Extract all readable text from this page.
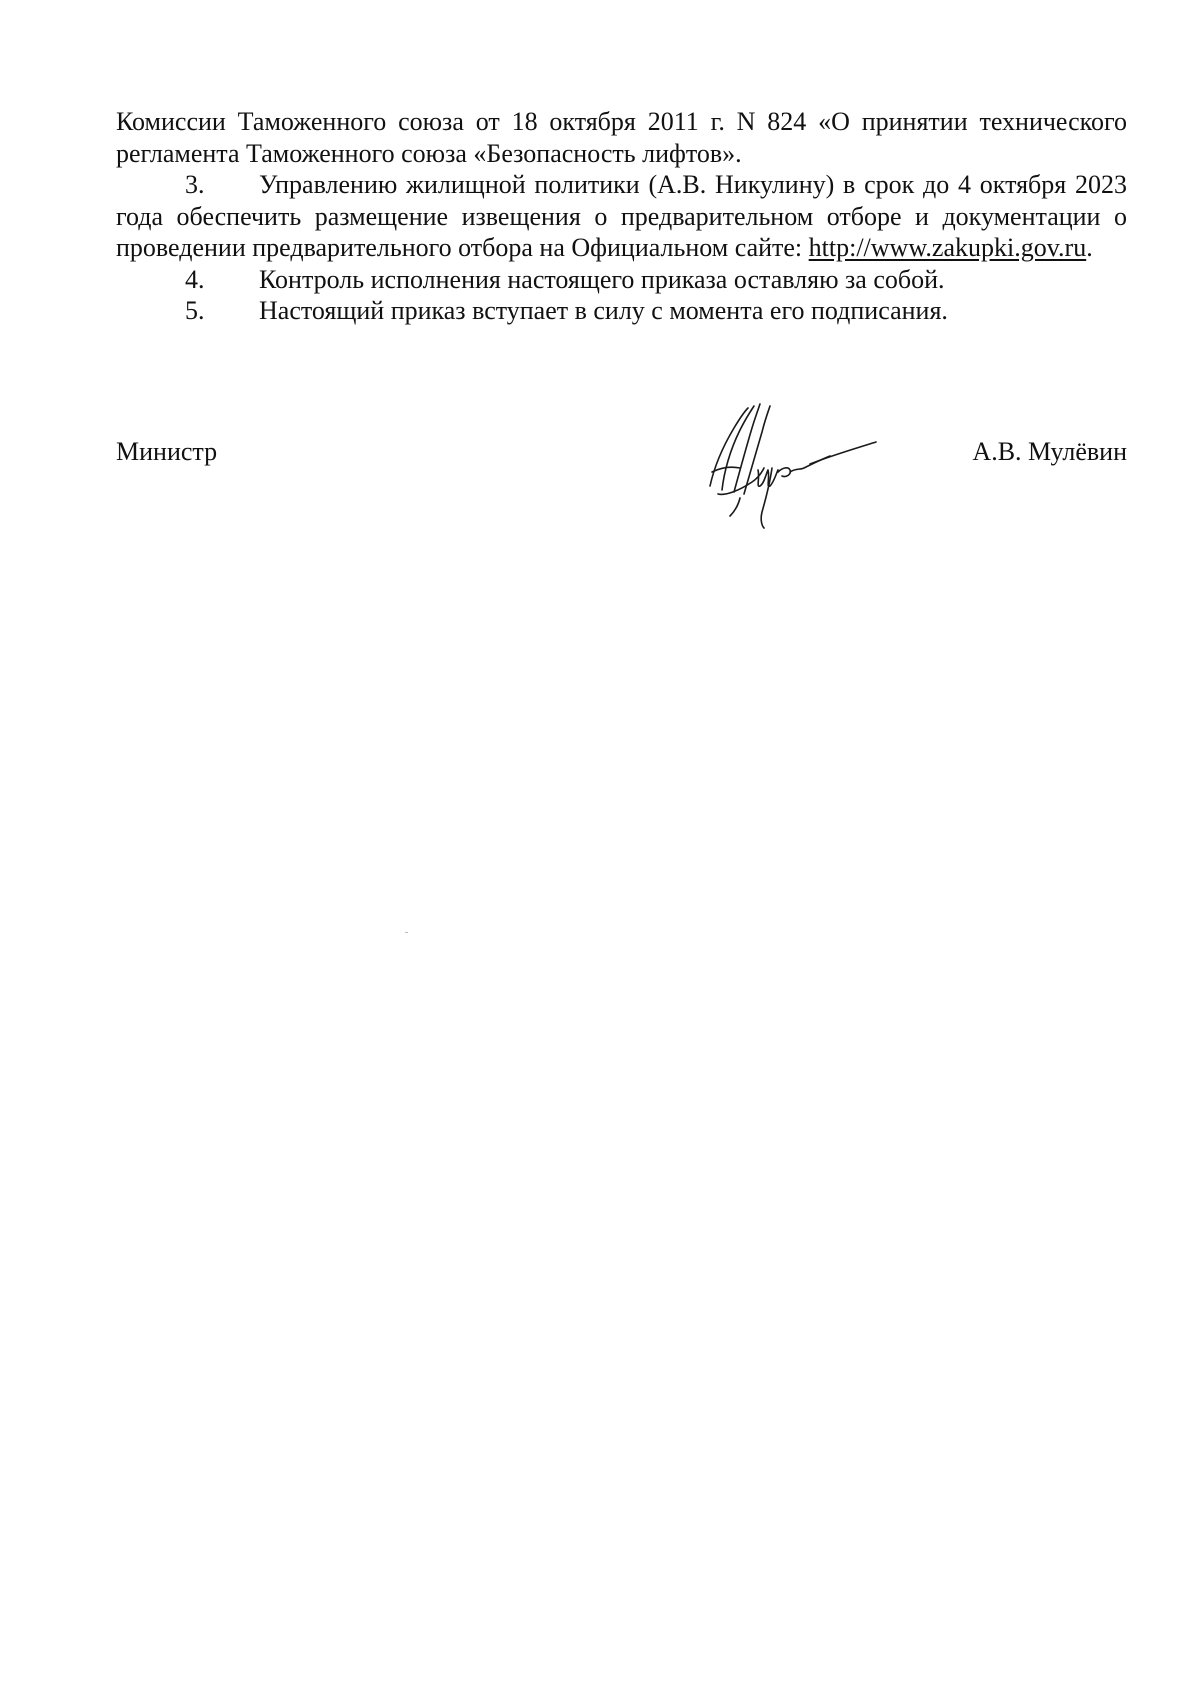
Комиссии Таможенного союза от 18 октября 2011 г. N 824 «О принятии технического регламента Таможенного союза «Безопасность лифтов».

3. Управлению жилищной политики (А.В. Никулину) в срок до 4 октября 2023 года обеспечить размещение извещения о предварительном отборе и документации о проведении предварительного отбора на Официальном сайте: http://www.zakupki.gov.ru.

4. Контроль исполнения настоящего приказа оставляю за собой.

5. Настоящий приказ вступает в силу с момента его подписания.

Министр	А.В. Мулёвин
